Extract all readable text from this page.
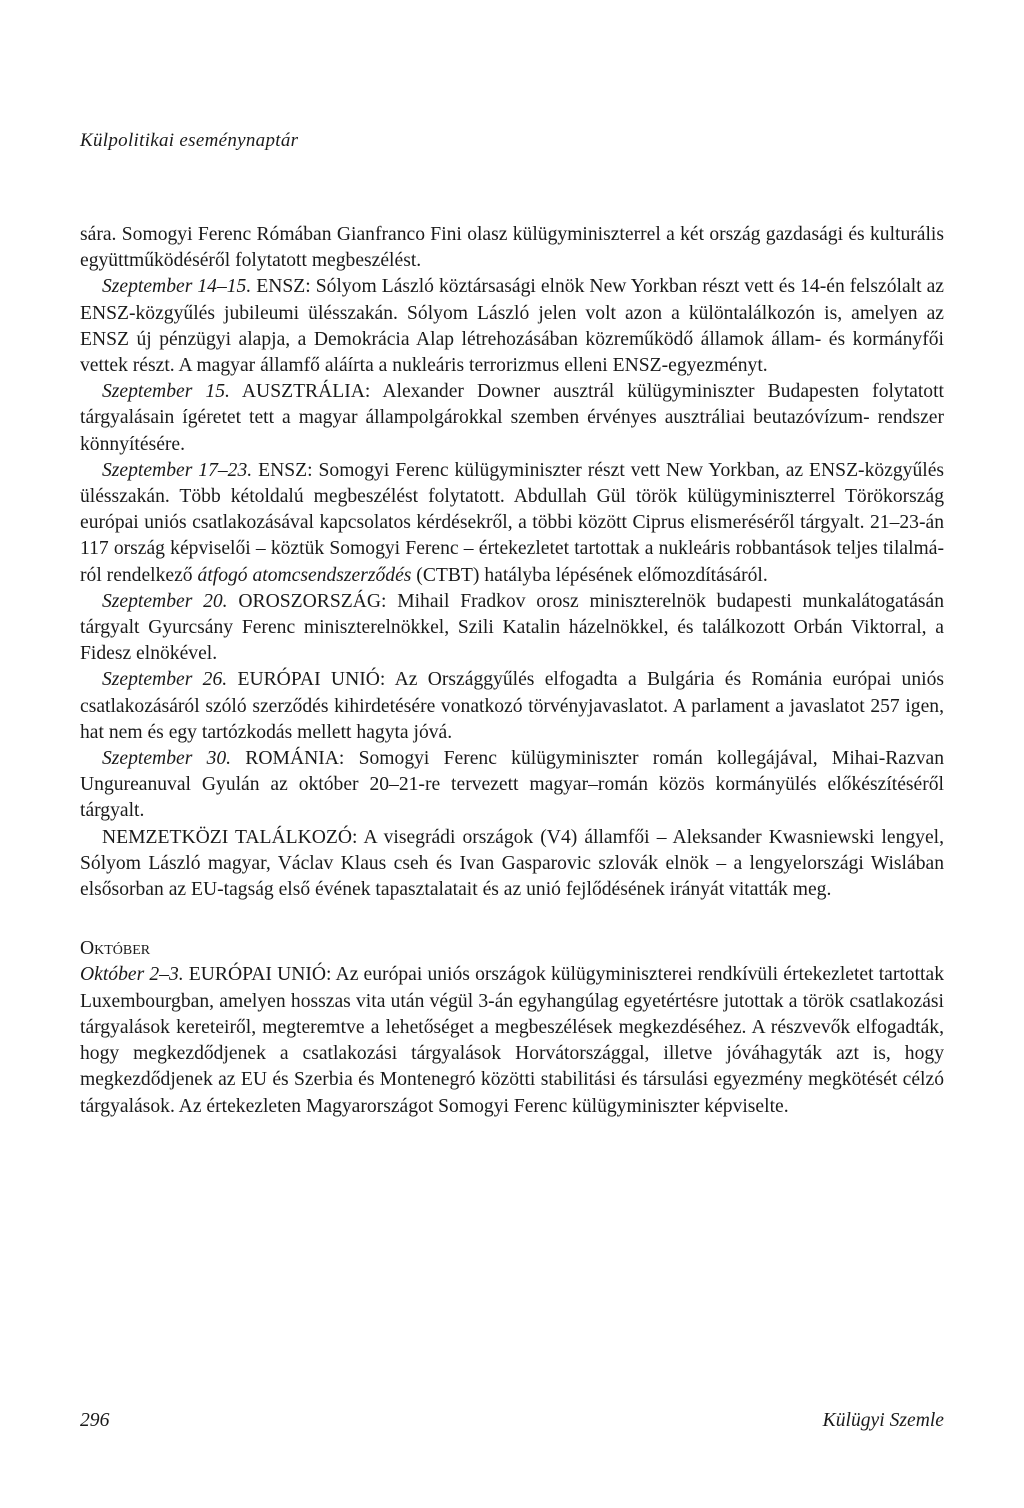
Külpolitikai eseménynaptár

sára. Somogyi Ferenc Rómában Gianfranco Fini olasz külügyminiszterrel a két ország gazdasági és kulturális együttműködéséről folytatott megbeszélést.

Szeptember 14–15. ENSZ: Sólyom László köztársasági elnök New Yorkban részt vett és 14-én felszólalt az ENSZ-közgyűlés jubileumi ülésszakán. Sólyom László jelen volt azon a különtalálkozón is, amelyen az ENSZ új pénzügyi alapja, a Demokrácia Alap létrehozásában közreműködő államok állam- és kormányfői vettek részt. A magyar államfő aláírta a nukleáris terrorizmus elleni ENSZ-egyezményt.

Szeptember 15. AUSZTRÁLIA: Alexander Downer ausztrál külügyminiszter Budapesten folytatott tárgyalásain ígéretet tett a magyar állampolgárokkal szemben érvényes ausztráliai beutazóvízum- rendszer könnyítésére.

Szeptember 17–23. ENSZ: Somogyi Ferenc külügyminiszter részt vett New Yorkban, az ENSZ-közgyűlés ülésszakán. Több kétoldalú megbeszélést folytatott. Abdullah Gül török külügyminiszterrel Törökország európai uniós csatlakozásával kapcsolatos kérdésekről, a többi között Ciprus elismeréséről tárgyalt. 21–23-án 117 ország képviselői – köztük Somogyi Ferenc – értekezletet tartottak a nukleáris robbantások teljes tilalmáról rendelkező átfogó atomcsendszerződés (CTBT) hatályba lépésének előmozdításáról.

Szeptember 20. OROSZORSZÁG: Mihail Fradkov orosz miniszterelnök budapesti munkalátogatásán tárgyalt Gyurcsány Ferenc miniszterelnökkel, Szili Katalin házelnökkel, és találkozott Orbán Viktorral, a Fidesz elnökével.

Szeptember 26. EURÓPAI UNIÓ: Az Országgyűlés elfogadta a Bulgária és Románia európai uniós csatlakozásáról szóló szerződés kihirdetésére vonatkozó törvényjavaslatot. A parlament a javaslatot 257 igen, hat nem és egy tartózkodás mellett hagyta jóvá.

Szeptember 30. ROMÁNIA: Somogyi Ferenc külügyminiszter román kollegájával, Mihai-Razvan Ungureanuval Gyulán az október 20–21-re tervezett magyar–román közös kormányülés előkészítéséről tárgyalt.

NEMZETKÖZI TALÁLKOZÓ: A visegrádi országok (V4) államfői – Aleksander Kwasniewski lengyel, Sólyom László magyar, Václav Klaus cseh és Ivan Gasparovic szlovák elnök – a lengyelországi Wislában elsősorban az EU-tagság első évének tapasztalatait és az unió fejlődésének irányát vitatták meg.

Október

Október 2–3. EURÓPAI UNIÓ: Az európai uniós országok külügyminiszterei rendkívüli értekezletet tartottak Luxembourgban, amelyen hosszas vita után végül 3-án egyhangúlag egyetértésre jutottak a török csatlakozási tárgyalások kereteiről, megteremtve a lehetőséget a megbeszélések megkezdéséhez. A részvevők elfogadták, hogy megkezdődjenek a csatlakozási tárgyalások Horvátországgal, illetve jóváhagyták azt is, hogy megkezdődjenek az EU és Szerbia és Montenegró közötti stabilitási és társulási egyezmény megkötését célzó tárgyalások. Az értekezleten Magyarországot Somogyi Ferenc külügyminiszter képviselte.

296	Külügyi Szemle
